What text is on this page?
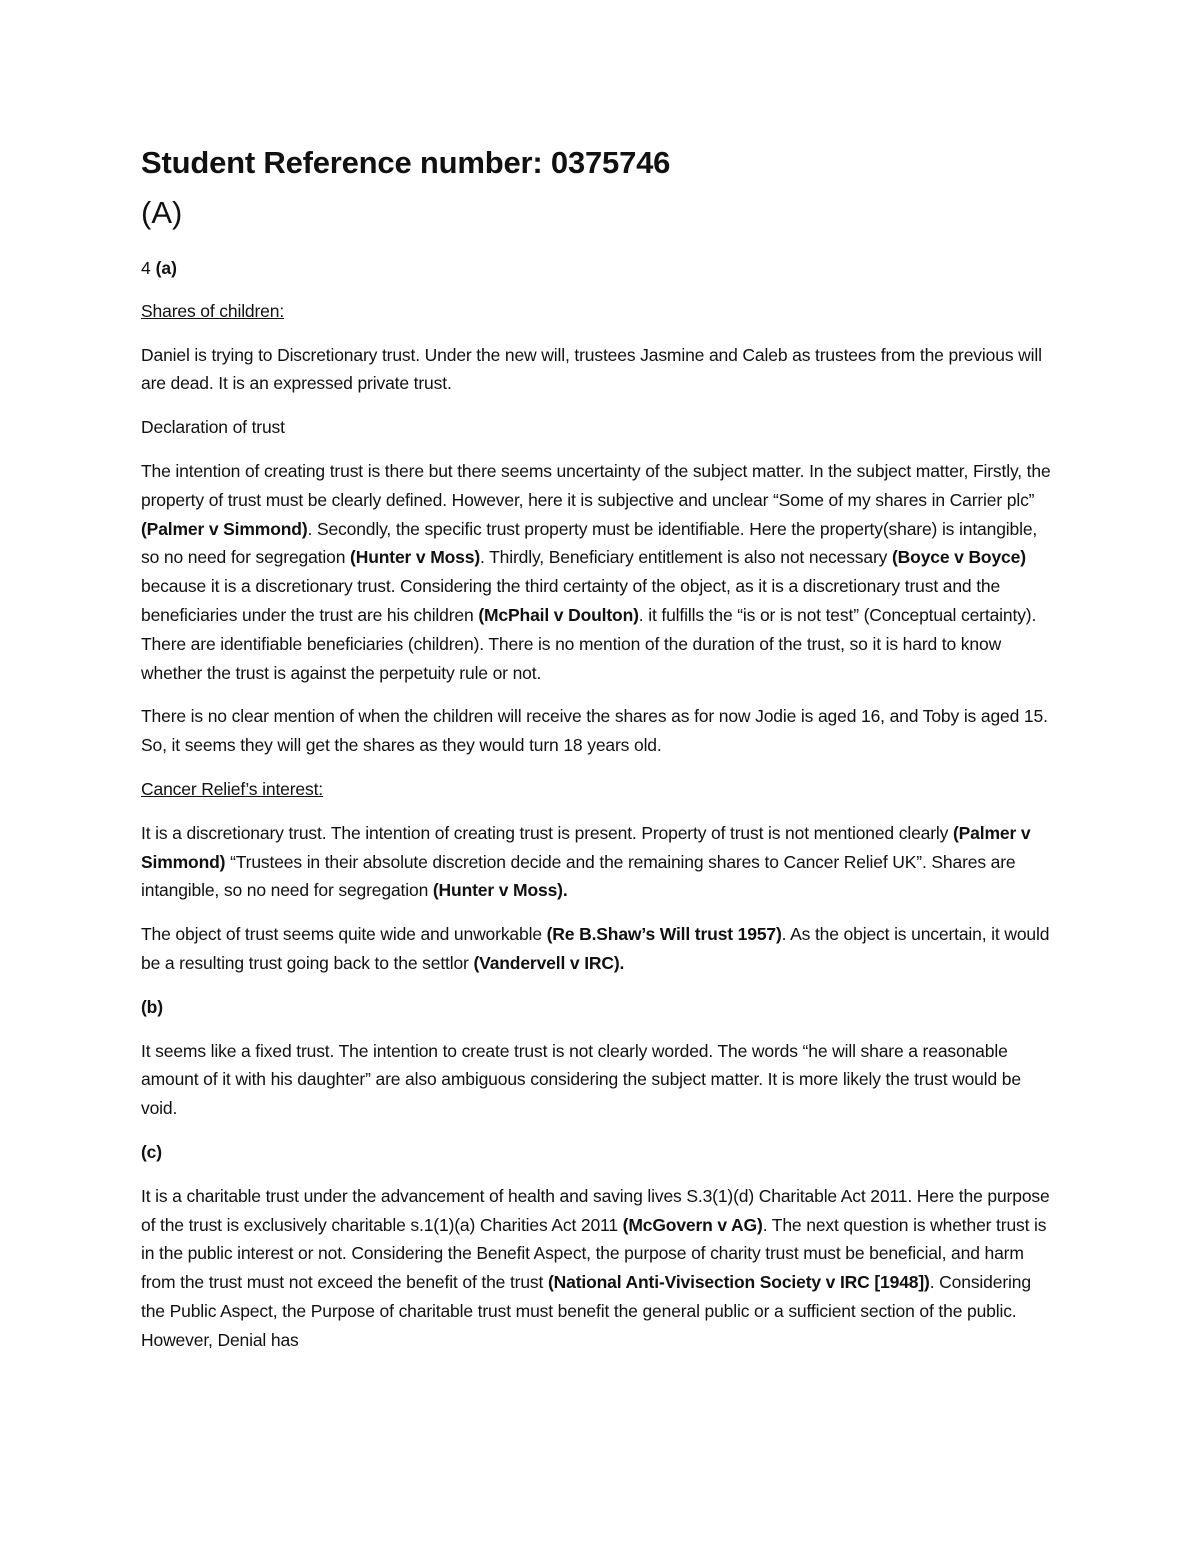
Student Reference number: 0375746
(A)
4 (a)

Shares of children:

Daniel is trying to Discretionary trust. Under the new will, trustees Jasmine and Caleb as trustees from the previous will are dead. It is an expressed private trust.

Declaration of trust

The intention of creating trust is there but there seems uncertainty of the subject matter. In the subject matter, Firstly, the property of trust must be clearly defined. However, here it is subjective and unclear “Some of my shares in Carrier plc” (Palmer v Simmond). Secondly, the specific trust property must be identifiable. Here the property(share) is intangible, so no need for segregation (Hunter v Moss). Thirdly, Beneficiary entitlement is also not necessary (Boyce v Boyce) because it is a discretionary trust. Considering the third certainty of the object, as it is a discretionary trust and the beneficiaries under the trust are his children (McPhail v Doulton). it fulfills the “is or is not test” (Conceptual certainty). There are identifiable beneficiaries (children). There is no mention of the duration of the trust, so it is hard to know whether the trust is against the perpetuity rule or not.

There is no clear mention of when the children will receive the shares as for now Jodie is aged 16, and Toby is aged 15. So, it seems they will get the shares as they would turn 18 years old.

Cancer Relief’s interest:

It is a discretionary trust. The intention of creating trust is present. Property of trust is not mentioned clearly (Palmer v Simmond) “Trustees in their absolute discretion decide and the remaining shares to Cancer Relief UK”. Shares are intangible, so no need for segregation (Hunter v Moss).

The object of trust seems quite wide and unworkable (Re B.Shaw’s Will trust 1957). As the object is uncertain, it would be a resulting trust going back to the settlor (Vandervell v IRC).

(b)

It seems like a fixed trust. The intention to create trust is not clearly worded. The words “he will share a reasonable amount of it with his daughter” are also ambiguous considering the subject matter. It is more likely the trust would be void.

(c)

It is a charitable trust under the advancement of health and saving lives S.3(1)(d) Charitable Act 2011. Here the purpose of the trust is exclusively charitable s.1(1)(a) Charities Act 2011 (McGovern v AG). The next question is whether trust is in the public interest or not. Considering the Benefit Aspect, the purpose of charity trust must be beneficial, and harm from the trust must not exceed the benefit of the trust (National Anti-Vivisection Society v IRC [1948]). Considering the Public Aspect, the Purpose of charitable trust must benefit the general public or a sufficient section of the public. However, Denial has
